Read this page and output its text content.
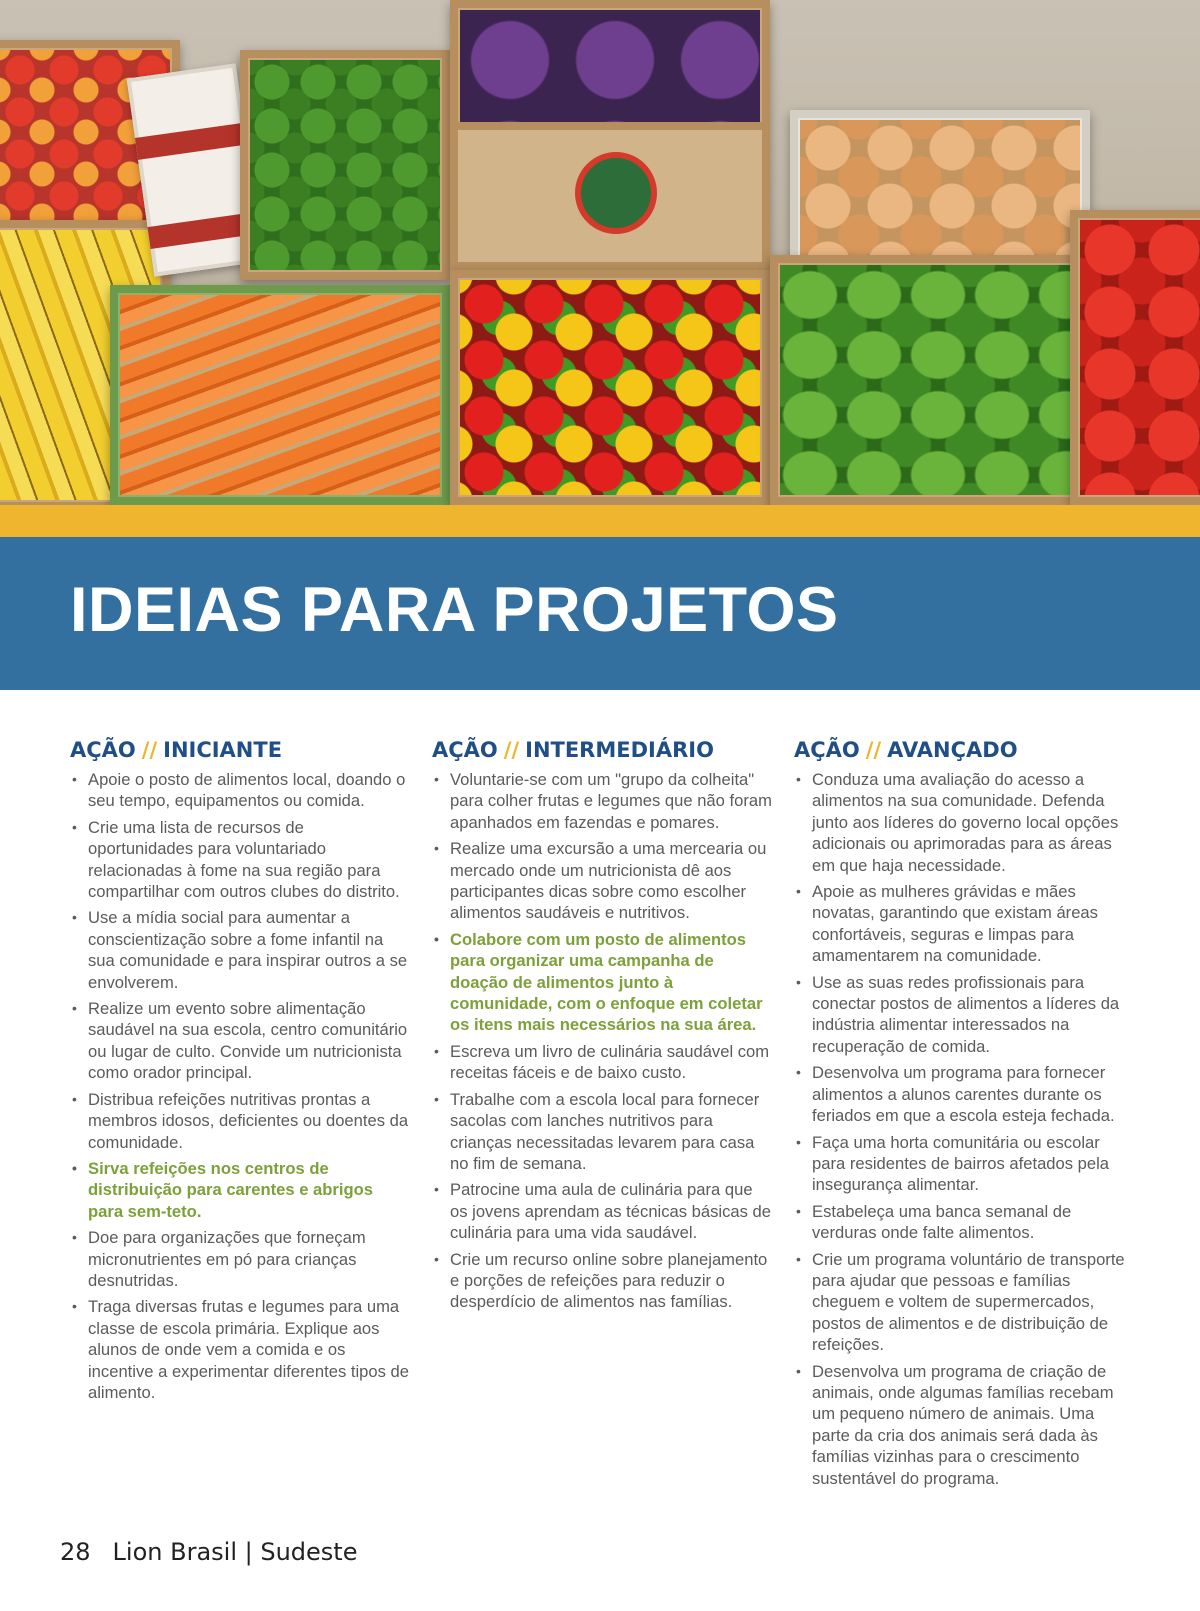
IDEIAS PARA PROJETOS
AÇÃO // INICIANTE
• Apoie o posto de alimentos local, doando o seu tempo, equipamentos ou comida.
• Crie uma lista de recursos de oportunidades para voluntariado relacionadas à fome na sua região para compartilhar com outros clubes do distrito.
• Use a mídia social para aumentar a conscientização sobre a fome infantil na sua comunidade e para inspirar outros a se envolverem.
• Realize um evento sobre alimentação saudável na sua escola, centro comunitário ou lugar de culto. Convide um nutricionista como orador principal.
• Distribua refeições nutritivas prontas a membros idosos, deficientes ou doentes da comunidade.
• Sirva refeições nos centros de distribuição para carentes e abrigos para sem-teto.
• Doe para organizações que forneçam micronutrientes em pó para crianças desnutridas.
• Traga diversas frutas e legumes para uma classe de escola primária. Explique aos alunos de onde vem a comida e os incentive a experimentar diferentes tipos de alimento.
AÇÃO // INTERMEDIÁRIO
• Voluntarie-se com um "grupo da colheita" para colher frutas e legumes que não foram apanhados em fazendas e pomares.
• Realize uma excursão a uma mercearia ou mercado onde um nutricionista dê aos participantes dicas sobre como escolher alimentos saudáveis e nutritivos.
• Colabore com um posto de alimentos para organizar uma campanha de doação de alimentos junto à comunidade, com o enfoque em coletar os itens mais necessários na sua área.
• Escreva um livro de culinária saudável com receitas fáceis e de baixo custo.
• Trabalhe com a escola local para fornecer sacolas com lanches nutritivos para crianças necessitadas levarem para casa no fim de semana.
• Patrocine uma aula de culinária para que os jovens aprendam as técnicas básicas de culinária para uma vida saudável.
• Crie um recurso online sobre planejamento e porções de refeições para reduzir o desperdício de alimentos nas famílias.
AÇÃO // AVANÇADO
• Conduza uma avaliação do acesso a alimentos na sua comunidade. Defenda junto aos líderes do governo local opções adicionais ou aprimoradas para as áreas em que haja necessidade.
• Apoie as mulheres grávidas e mães novatas, garantindo que existam áreas confortáveis, seguras e limpas para amamentarem na comunidade.
• Use as suas redes profissionais para conectar postos de alimentos a líderes da indústria alimentar interessados na recuperação de comida.
• Desenvolva um programa para fornecer alimentos a alunos carentes durante os feriados em que a escola esteja fechada.
• Faça uma horta comunitária ou escolar para residentes de bairros afetados pela insegurança alimentar.
• Estabeleça uma banca semanal de verduras onde falte alimentos.
• Crie um programa voluntário de transporte para ajudar que pessoas e famílias cheguem e voltem de supermercados, postos de alimentos e de distribuição de refeições.
• Desenvolva um programa de criação de animais, onde algumas famílias recebam um pequeno número de animais. Uma parte da cria dos animais será dada às famílias vizinhas para o crescimento sustentável do programa.
28 Lion Brasil | Sudeste
